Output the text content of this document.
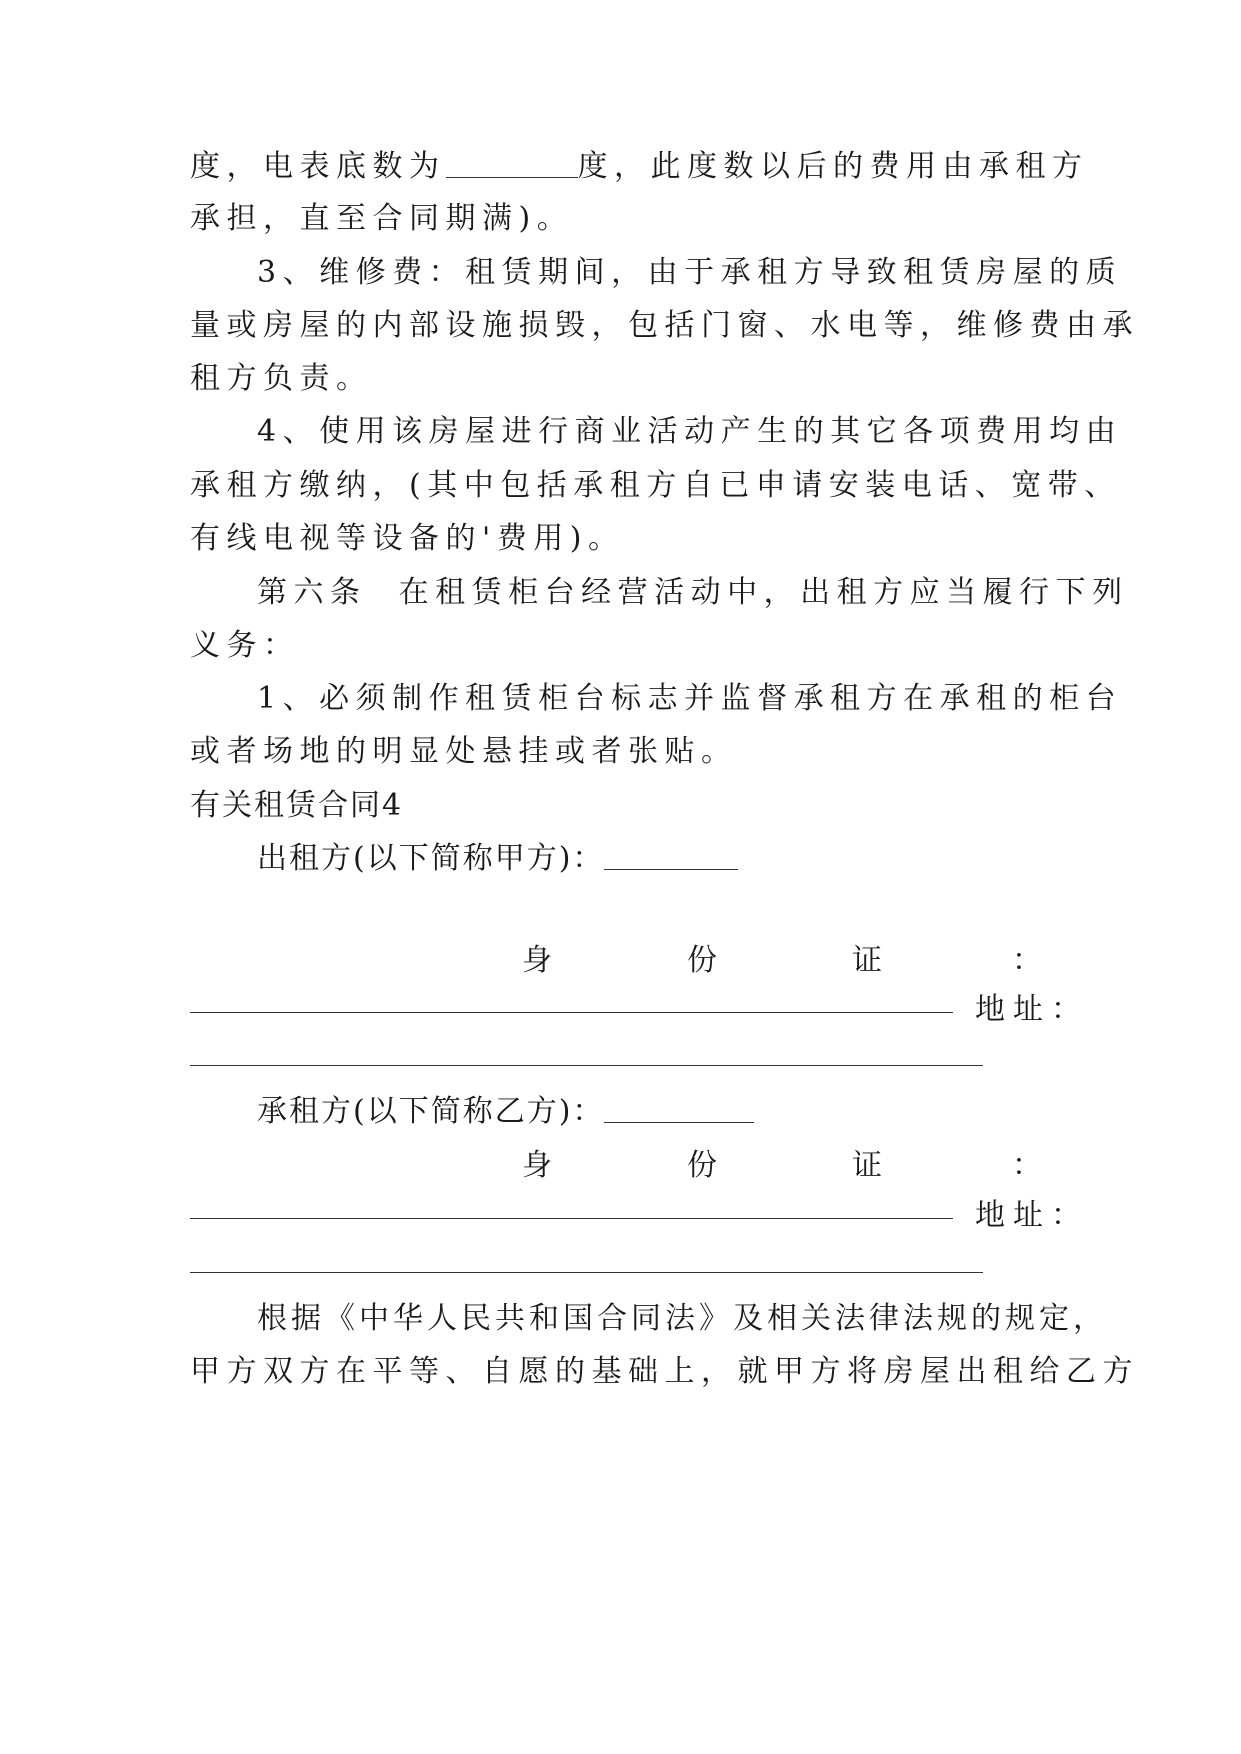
度，电表底数为	度，此度数以后的费用由承租方
承担，直至合同期满)。
3、维修费：租赁期间，由于承租方导致租赁房屋的质
量或房屋的内部设施损毁，包括门窗、水电等，维修费由承
租方负责。
4、使用该房屋进行商业活动产生的其它各项费用均由
承租方缴纳，(其中包括承租方自已申请安装电话、宽带、
有线电视等设备的'费用)。
第六条  在租赁柜台经营活动中，出租方应当履行下列
义务：
1、必须制作租赁柜台标志并监督承租方在承租的柜台
或者场地的明显处悬挂或者张贴。
有关租赁合同4
出租方(以下简称甲方)：
身	份	证	：
地址：
承租方(以下简称乙方)：
身	份	证	：
地址：
根据《中华人民共和国合同法》及相关法律法规的规定，
甲方双方在平等、自愿的基础上，就甲方将房屋出租给乙方
